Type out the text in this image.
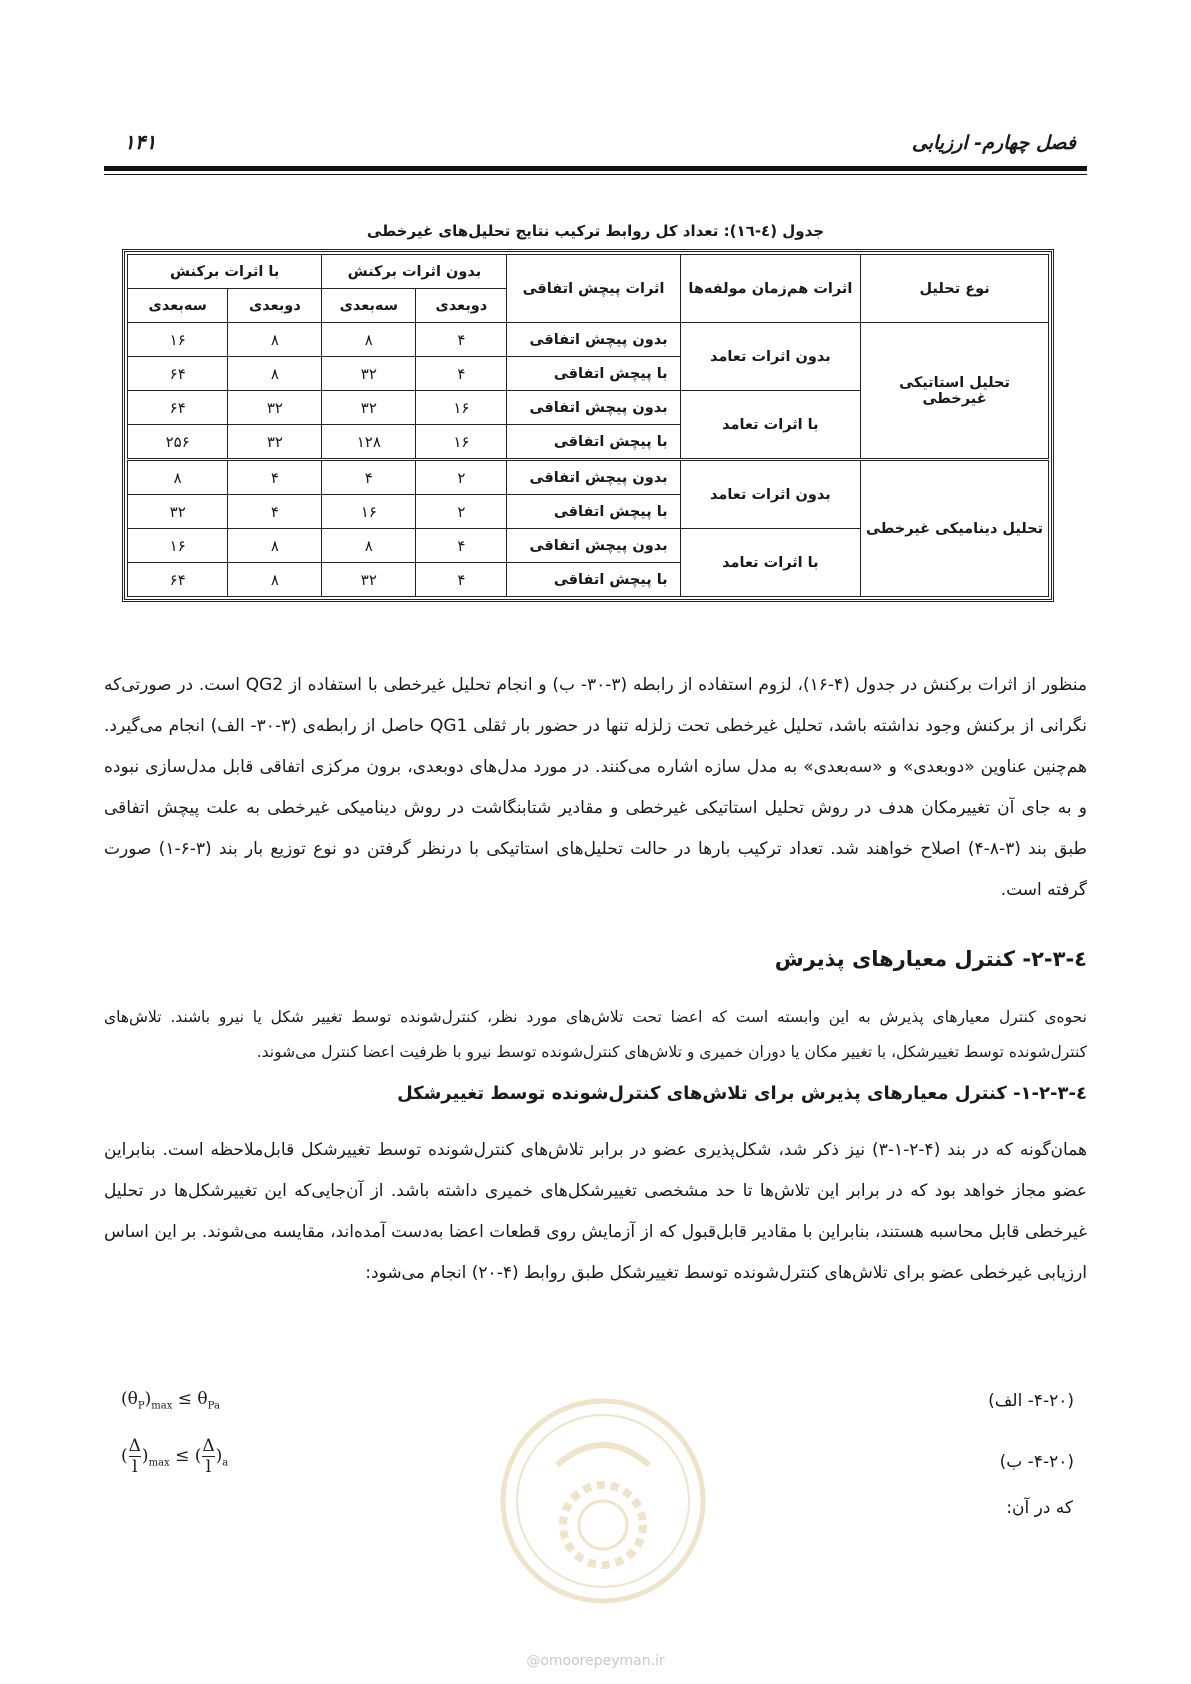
فصل چهارم- ارزیابی
۱۴۱
جدول (٤-١٦): تعداد کل روابط ترکیب نتایج تحلیل‌های غیرخطی
نوع تحلیل	اثرات هم‌زمان مولفه‌ها	اثرات پیچش اتفاقی	بدون اثرات برکنش		با اثرات برکنش	
			دوبعدی	سه‌بعدی	دوبعدی	سه‌بعدی
تحلیل استاتیکی غیرخطی	بدون اثرات تعامد	بدون پیچش اتفاقی	۴	۸	۸	۱۶
		با پیچش اتفاقی	۴	۳۲	۸	۶۴
	با اثرات تعامد	بدون پیچش اتفاقی	۱۶	۳۲	۳۲	۶۴
		با پیچش اتفاقی	۱۶	۱۲۸	۳۲	۲۵۶
تحلیل دینامیکی غیرخطی	بدون اثرات تعامد	بدون پیچش اتفاقی	۲	۴	۴	۸
		با پیچش اتفاقی	۲	۱۶	۴	۳۲
	با اثرات تعامد	بدون پیچش اتفاقی	۴	۸	۸	۱۶
		با پیچش اتفاقی	۴	۳۲	۸	۶۴
منظور از اثرات برکنش در جدول (۴-۱۶)، لزوم استفاده از رابطه (۳-۳۰- ب) و انجام تحلیل غیرخطی با استفاده از QG2 است. در صورتی‌که نگرانی از برکنش وجود نداشته باشد، تحلیل غیرخطی تحت زلزله تنها در حضور بار ثقلی QG1 حاصل از رابطه‌ی (۳-۳۰- الف) انجام می‌گیرد. هم‌چنین عناوین «دوبعدی» و «سه‌بعدی» به مدل سازه اشاره می‌کنند. در مورد مدل‌های دوبعدی، برون مرکزی اتفاقی قابل مدل‌سازی نبوده و به جای آن تغییرمکان هدف در روش تحلیل استاتیکی غیرخطی و مقادیر شتابنگاشت در روش دینامیکی غیرخطی به علت پیچش اتفاقی طبق بند (۳-۸-۴) اصلاح خواهند شد. تعداد ترکیب بارها در حالت تحلیل‌های استاتیکی با درنظر گرفتن دو نوع توزیع بار بند (۳-۶-۱) صورت گرفته است.
٤-٣-٢- کنترل معیارهای پذیرش
نحوه‌ی کنترل معیارهای پذیرش به این وابسته است که اعضا تحت تلاش‌های مورد نظر، کنترل‌شونده توسط تغییر شکل یا نیرو باشند. تلاش‌های کنترل‌شونده توسط تغییرشکل، با تغییر مکان یا دوران خمیری و تلاش‌های کنترل‌شونده توسط نیرو با ظرفیت اعضا کنترل می‌شوند.
٤-٣-٢-١- کنترل معیارهای پذیرش برای تلاش‌های کنترل‌شونده توسط تغییرشکل
همان‌گونه که در بند (۴-۲-۱-۳) نیز ذکر شد، شکل‌پذیری عضو در برابر تلاش‌های کنترل‌شونده توسط تغییرشکل قابل‌ملاحظه است. بنابراین عضو مجاز خواهد بود که در برابر این تلاش‌ها تا حد مشخصی تغییرشکل‌های خمیری داشته باشد. از آن‌جایی‌که این تغییرشکل‌ها در تحلیل غیرخطی قابل محاسبه هستند، بنابراین با مقادیر قابل‌قبول که از آزمایش روی قطعات اعضا به‌دست آمده‌اند، مقایسه می‌شوند. بر این اساس ارزیابی غیرخطی عضو برای تلاش‌های کنترل‌شونده توسط تغییرشکل طبق روابط (۴-۲۰) انجام می‌شود:
(۴-۲۰- الف)
$(\theta_P)_{max} \le \theta_{Pa}$
(۴-۲۰- ب)
( $\frac{\Delta}{l} )_{max}$ ≤ ( $\frac{\Delta}{l} )_a$
که در آن:
@omoorepeyman.ir
